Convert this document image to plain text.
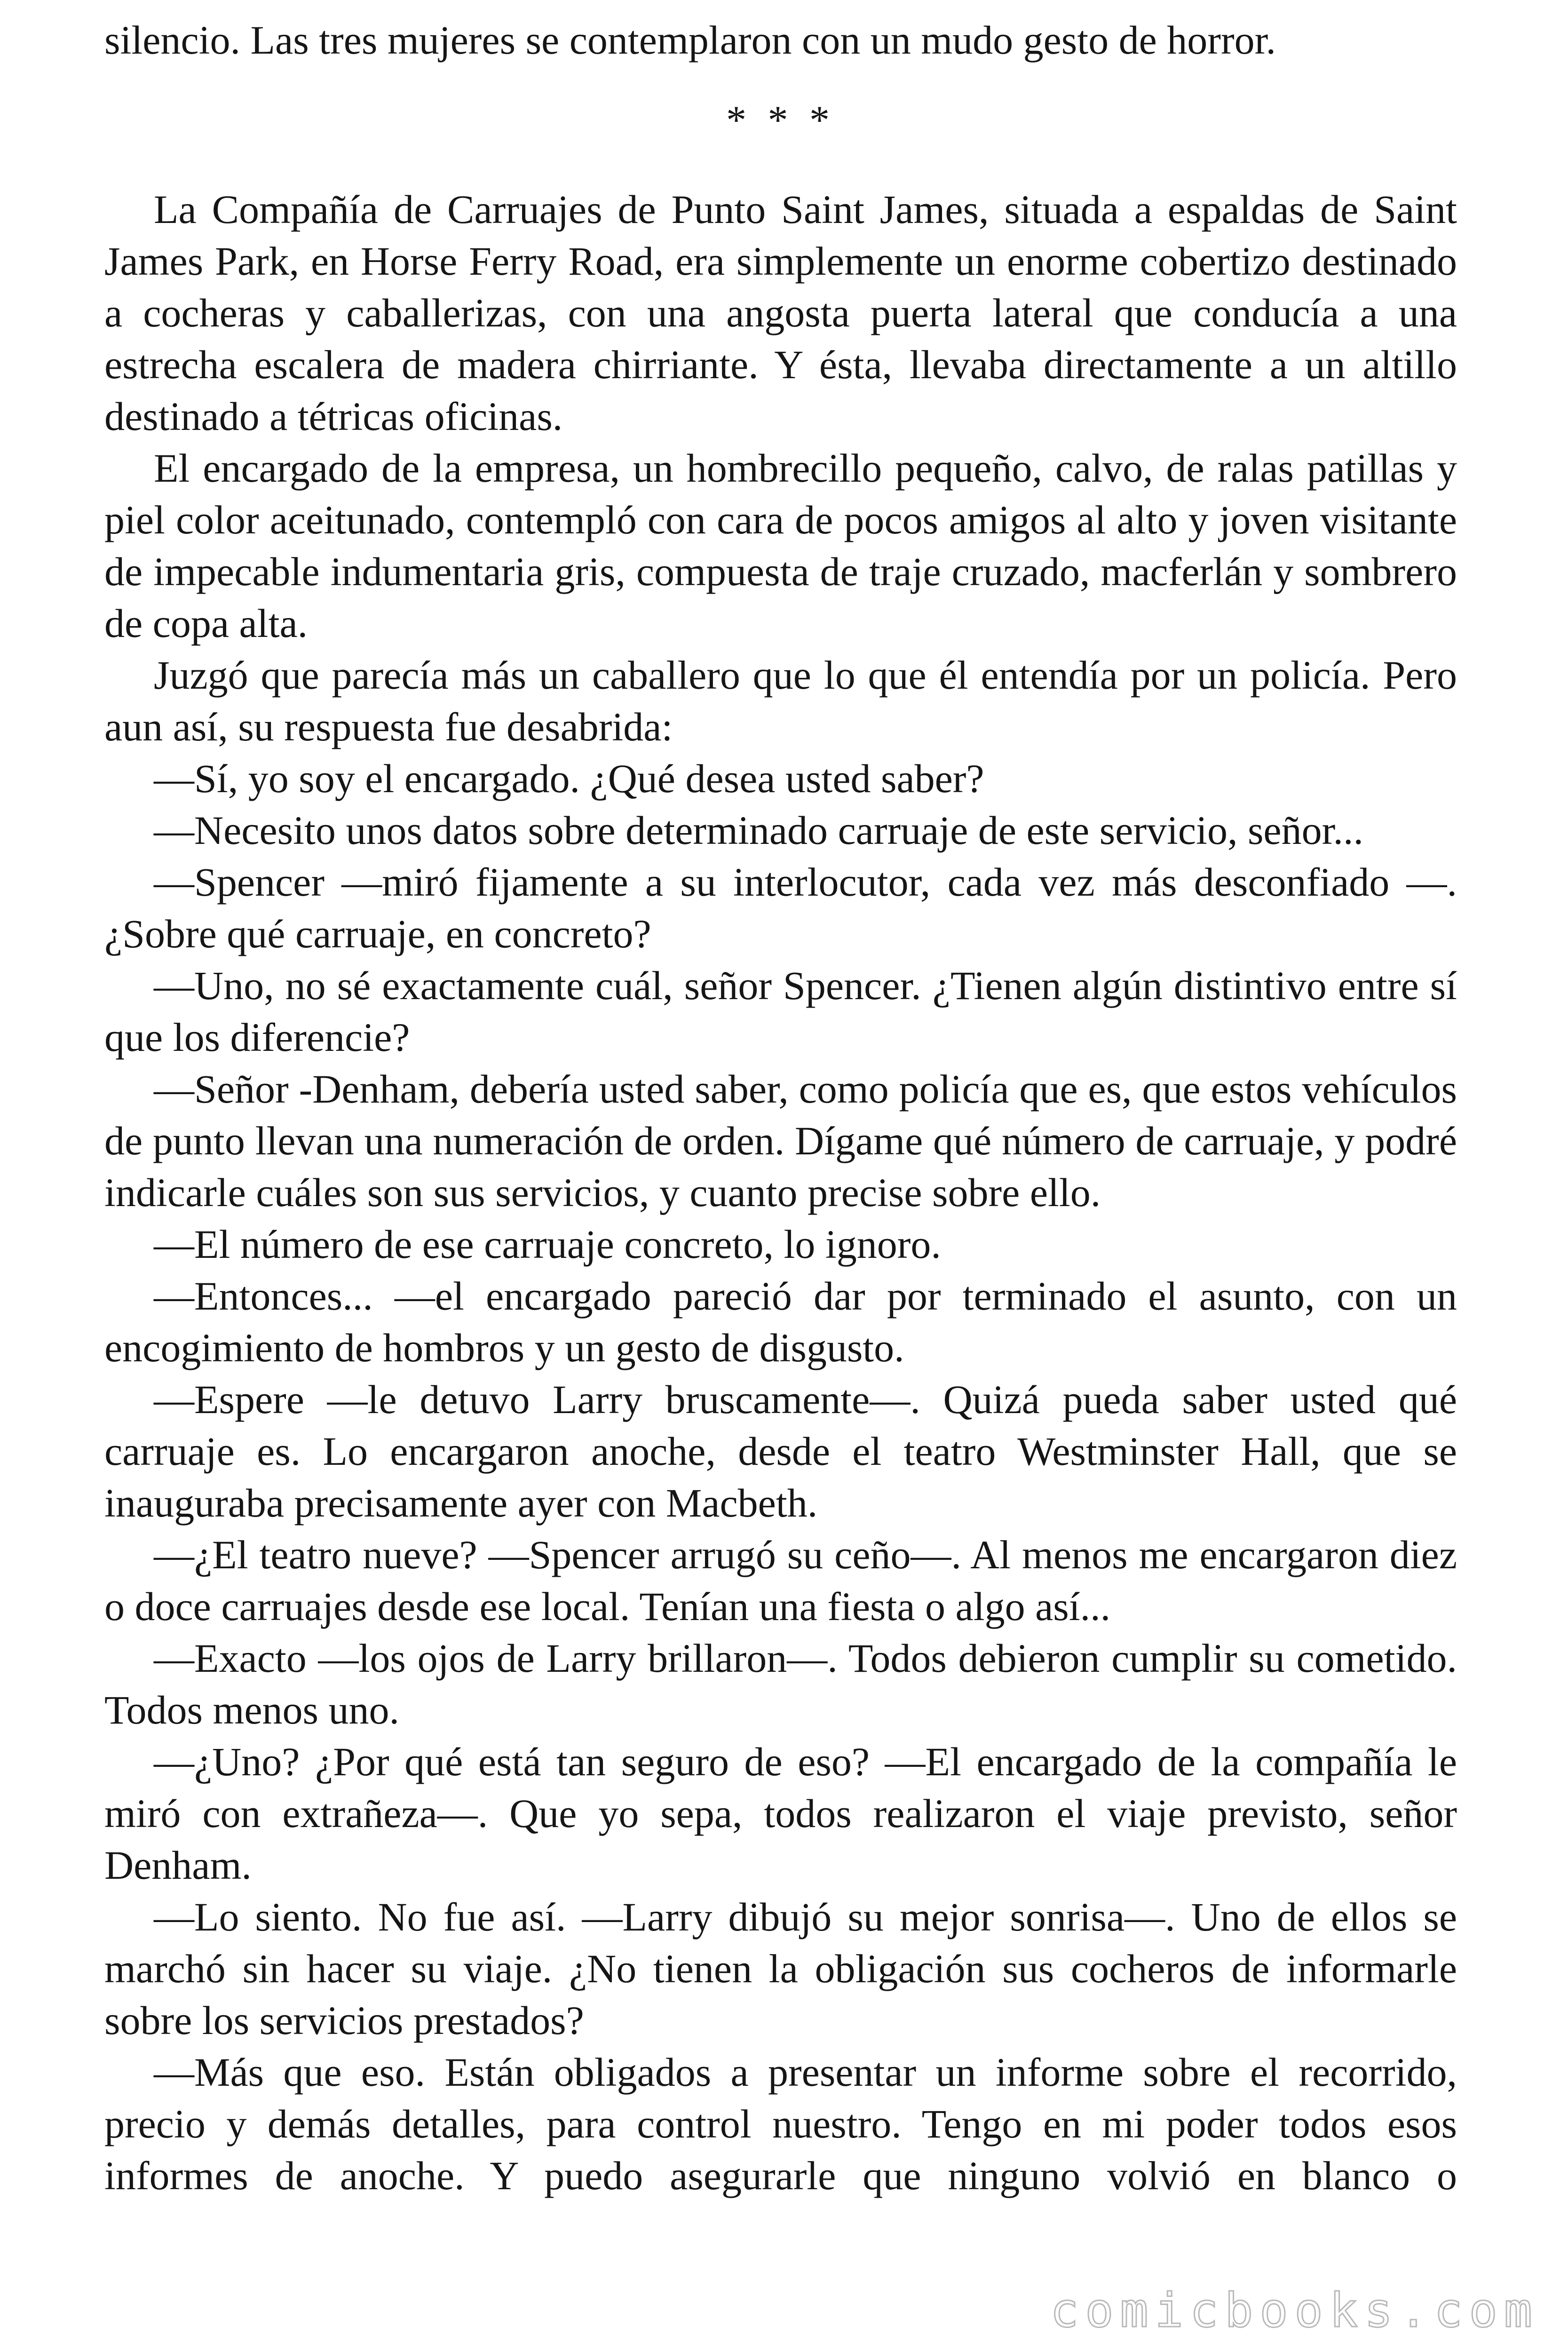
silencio. Las tres mujeres se contemplaron con un mudo gesto de horror.

* * *

La Compañía de Carruajes de Punto Saint James, situada a espaldas de Saint James Park, en Horse Ferry Road, era simplemente un enorme cobertizo destinado a cocheras y caballerizas, con una angosta puerta lateral que conducía a una estrecha escalera de madera chirriante. Y ésta, llevaba directamente a un altillo destinado a tétricas oficinas.

El encargado de la empresa, un hombrecillo pequeño, calvo, de ralas patillas y piel color aceitunado, contempló con cara de pocos amigos al alto y joven visitante de impecable indumentaria gris, compuesta de traje cruzado, macferlán y sombrero de copa alta.

Juzgó que parecía más un caballero que lo que él entendía por un policía. Pero aun así, su respuesta fue desabrida:

—Sí, yo soy el encargado. ¿Qué desea usted saber?

—Necesito unos datos sobre determinado carruaje de este servicio, señor...

—Spencer —miró fijamente a su interlocutor, cada vez más desconfiado —. ¿Sobre qué carruaje, en concreto?

—Uno, no sé exactamente cuál, señor Spencer. ¿Tienen algún distintivo entre sí que los diferencie?

—Señor -Denham, debería usted saber, como policía que es, que estos vehículos de punto llevan una numeración de orden. Dígame qué número de carruaje, y podré indicarle cuáles son sus servicios, y cuanto precise sobre ello.

—El número de ese carruaje concreto, lo ignoro.

—Entonces... —el encargado pareció dar por terminado el asunto, con un encogimiento de hombros y un gesto de disgusto.

—Espere —le detuvo Larry bruscamente—. Quizá pueda saber usted qué carruaje es. Lo encargaron anoche, desde el teatro Westminster Hall, que se inauguraba precisamente ayer con Macbeth.

—¿El teatro nueve? —Spencer arrugó su ceño—. Al menos me encargaron diez o doce carruajes desde ese local. Tenían una fiesta o algo así...

—Exacto —los ojos de Larry brillaron—. Todos debieron cumplir su cometido. Todos menos uno.

—¿Uno? ¿Por qué está tan seguro de eso? —El encargado de la compañía le miró con extrañeza—. Que yo sepa, todos realizaron el viaje previsto, señor Denham.

—Lo siento. No fue así. —Larry dibujó su mejor sonrisa—. Uno de ellos se marchó sin hacer su viaje. ¿No tienen la obligación sus cocheros de informarle sobre los servicios prestados?

—Más que eso. Están obligados a presentar un informe sobre el recorrido, precio y demás detalles, para control nuestro. Tengo en mi poder todos esos informes de anoche. Y puedo asegurarle que ninguno volvió en blanco o

comicbooks.com
